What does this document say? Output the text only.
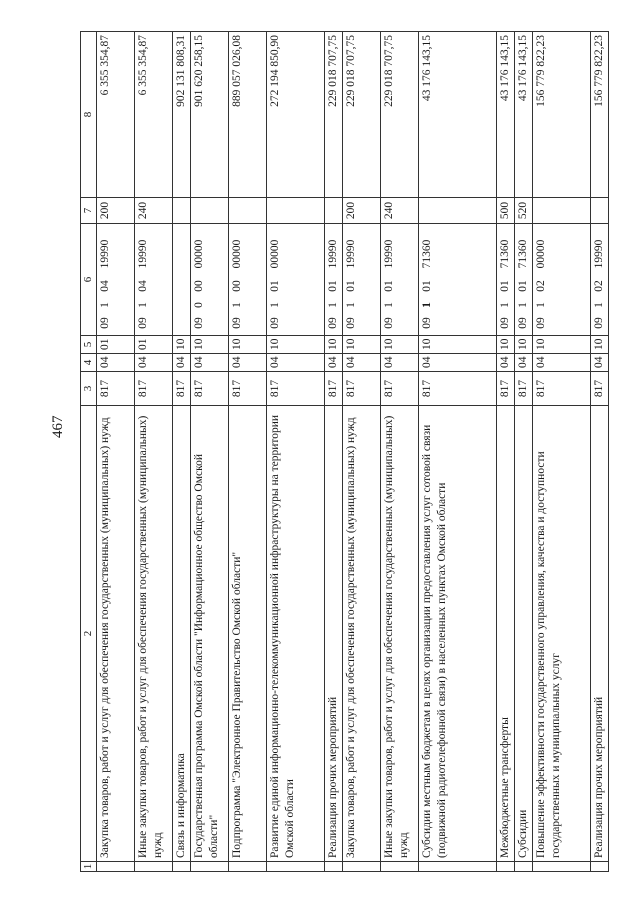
467
1	2	3	4	5	6	7	8
	Закупка товаров, работ и услуг для обеспечения государственных (муниципальных) нужд	817	04	01	0910419990	200	6 355 354,87
	Иные закупки товаров, работ и услуг для обеспечения государственных (муниципальных) нужд	817	04	01	0910419990	240	6 355 354,87
	Связь и информатика	817	04	10			902 131 808,31
	Государственная программа Омской области "Информационное общество Омской области"	817	04	10	0900000000		901 620 258,15
	Подпрограмма "Электронное Правительство Омской области"	817	04	10	0910000000		889 057 026,08
	Развитие единой информационно-телекоммуникационной инфраструктуры на территории Омской области	817	04	10	0910100000		272 194 850,90
	Реализация прочих мероприятий	817	04	10	0910119990		229 018 707,75
	Закупка товаров, работ и услуг для обеспечения государственных (муниципальных) нужд	817	04	10	0910119990	200	229 018 707,75
	Иные закупки товаров, работ и услуг для обеспечения государственных (муниципальных) нужд	817	04	10	0910119990	240	229 018 707,75
	Субсидии местным бюджетам в целях организации предоставления услуг сотовой связи (подвижной радиотелефонной связи) в населенных пунктах Омской области	817	04	10	0910171360		43 176 143,15
	Межбюджетные трансферты	817	04	10	0910171360	500	43 176 143,15
	Субсидии	817	04	10	0910171360	520	43 176 143,15
	Повышение эффективности государственного управления, качества и доступности государственных и муниципальных услуг	817	04	10	0910200000		156 779 822,23
	Реализация прочих мероприятий	817	04	10	0910219990		156 779 822,23
